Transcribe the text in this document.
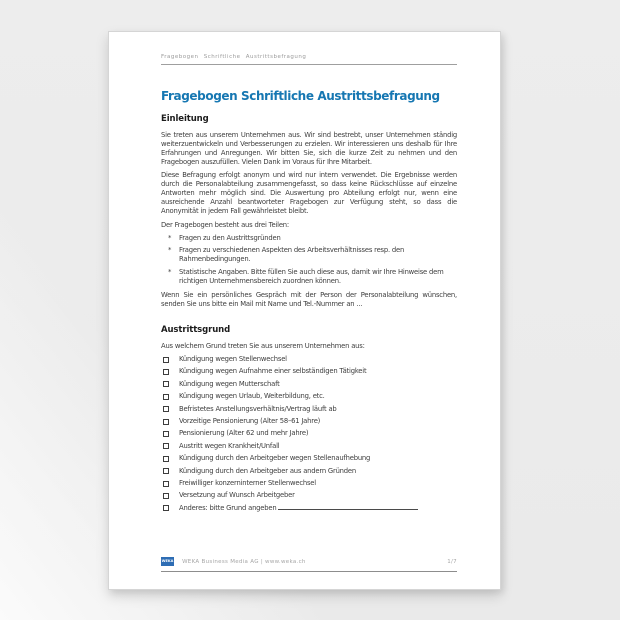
Fragebogen Schriftliche Austrittsbefragung
Fragebogen Schriftliche Austrittsbefragung
Einleitung

Sie treten aus unserem Unternehmen aus. Wir sind bestrebt, unser Unternehmen ständig weiterzuentwickeln und Verbesserungen zu erzielen. Wir interessieren uns deshalb für Ihre Erfahrungen und Anregungen. Wir bitten Sie, sich die kurze Zeit zu nehmen und den Fragebogen auszufüllen. Vielen Dank im Voraus für Ihre Mitarbeit.

Diese Befragung erfolgt anonym und wird nur intern verwendet. Die Ergebnisse werden durch die Personalabteilung zusammengefasst, so dass keine Rückschlüsse auf einzelne Antworten mehr möglich sind. Die Auswertung pro Abteilung erfolgt nur, wenn eine ausreichende Anzahl beantworteter Fragebogen zur Verfügung steht, so dass die Anonymität in jedem Fall gewährleistet bleibt.

Der Fragebogen besteht aus drei Teilen:

* Fragen zu den Austrittsgründen
* Fragen zu verschiedenen Aspekten des Arbeitsverhältnisses resp. den Rahmenbedingungen.
* Statistische Angaben. Bitte füllen Sie auch diese aus, damit wir Ihre Hinweise dem richtigen Unternehmensbereich zuordnen können.

Wenn Sie ein persönliches Gespräch mit der Person der Personalabteilung wünschen, senden Sie uns bitte ein Mail mit Name und Tel.-Nummer an ...

Austrittsgrund

Aus welchem Grund treten Sie aus unserem Unternehmen aus:

Kündigung wegen Stellenwechsel
Kündigung wegen Aufnahme einer selbständigen Tätigkeit
Kündigung wegen Mutterschaft
Kündigung wegen Urlaub, Weiterbildung, etc.
Befristetes Anstellungsverhältnis/Vertrag läuft ab
Vorzeitige Pensionierung (Alter 58–61 Jahre)
Pensionierung (Alter 62 und mehr Jahre)
Austritt wegen Krankheit/Unfall
Kündigung durch den Arbeitgeber wegen Stellenaufhebung
Kündigung durch den Arbeitgeber aus andern Gründen
Freiwilliger konzerninterner Stellenwechsel
Versetzung auf Wunsch Arbeitgeber
Anderes: bitte Grund angeben
WEKA WEKA Business Media AG | www.weka.ch	1/7
